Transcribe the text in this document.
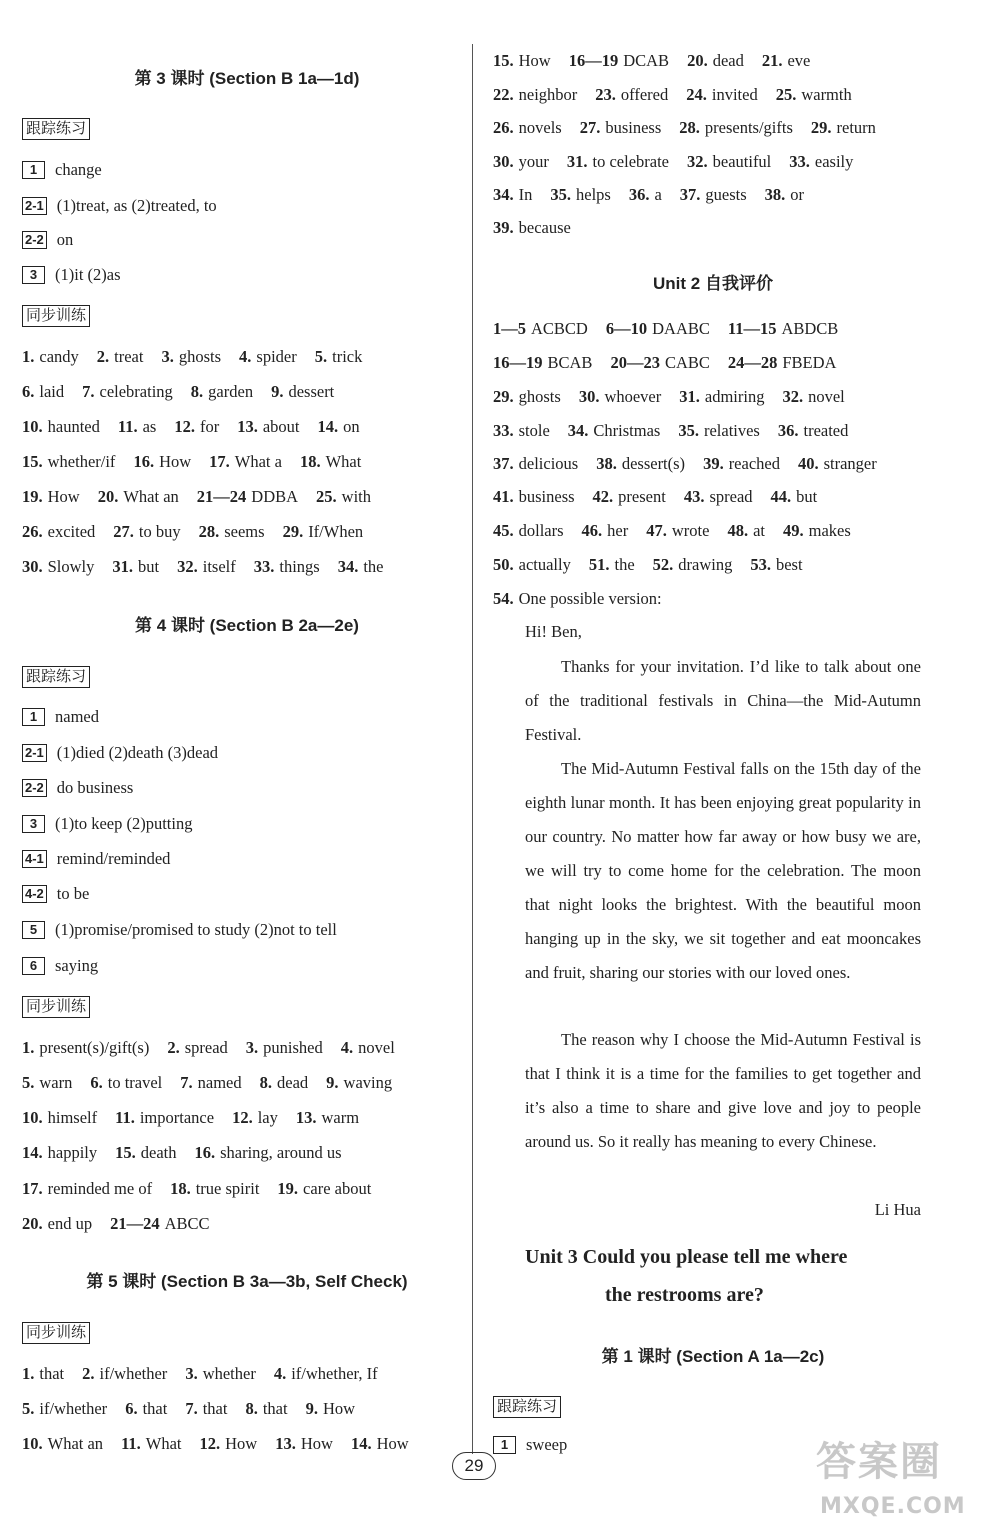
第 3 课时 (Section B 1a—1d)
跟踪练习
1 change
2-1 (1)treat, as (2)treated, to
2-2 on
3 (1)it (2)as
同步训练
1. candy 2. treat 3. ghosts 4. spider 5. trick
6. laid 7. celebrating 8. garden 9. dessert
10. haunted 11. as 12. for 13. about 14. on
15. whether/if 16. How 17. What a 18. What
19. How 20. What an 21—24 DDBA 25. with
26. excited 27. to buy 28. seems 29. If/When
30. Slowly 31. but 32. itself 33. things 34. the
第 4 课时 (Section B 2a—2e)
跟踪练习
1 named
2-1 (1)died (2)death (3)dead
2-2 do business
3 (1)to keep (2)putting
4-1 remind/reminded
4-2 to be
5 (1)promise/promised to study (2)not to tell
6 saying
同步训练
1. present(s)/gift(s) 2. spread 3. punished 4. novel
5. warn 6. to travel 7. named 8. dead 9. waving
10. himself 11. importance 12. lay 13. warm
14. happily 15. death 16. sharing, around us
17. reminded me of 18. true spirit 19. care about
20. end up 21—24 ABCC
第 5 课时 (Section B 3a—3b, Self Check)
同步训练
1. that 2. if/whether 3. whether 4. if/whether, If
5. if/whether 6. that 7. that 8. that 9. How
10. What an 11. What 12. How 13. How 14. How
15. How 16—19 DCAB 20. dead 21. eve
22. neighbor 23. offered 24. invited 25. warmth
26. novels 27. business 28. presents/gifts 29. return
30. your 31. to celebrate 32. beautiful 33. easily
34. In 35. helps 36. a 37. guests 38. or
39. because
Unit 2 自我评价
1—5 ACBCD 6—10 DAABC 11—15 ABDCB
16—19 BCAB 20—23 CABC 24—28 FBEDA
29. ghosts 30. whoever 31. admiring 32. novel
33. stole 34. Christmas 35. relatives 36. treated
37. delicious 38. dessert(s) 39. reached 40. stranger
41. business 42. present 43. spread 44. but
45. dollars 46. her 47. wrote 48. at 49. makes
50. actually 51. the 52. drawing 53. best
54. One possible version:
Hi! Ben,
Thanks for your invitation. I’d like to talk about one of the traditional festivals in China—the Mid-Autumn Festival.
The Mid-Autumn Festival falls on the 15th day of the eighth lunar month. It has been enjoying great popularity in our country. No matter how far away or how busy we are, we will try to come home for the celebration. The moon that night looks the brightest. With the beautiful moon hanging up in the sky, we sit together and eat mooncakes and fruit, sharing our stories with our loved ones.
The reason why I choose the Mid-Autumn Festival is that I think it is a time for the families to get together and it’s also a time to share and give love and joy to people around us. So it really has meaning to every Chinese.
Li Hua
Unit 3 Could you please tell me where
the restrooms are?
第 1 课时 (Section A 1a—2c)
跟踪练习
1 sweep
29	答案圈
MXQE.COM
